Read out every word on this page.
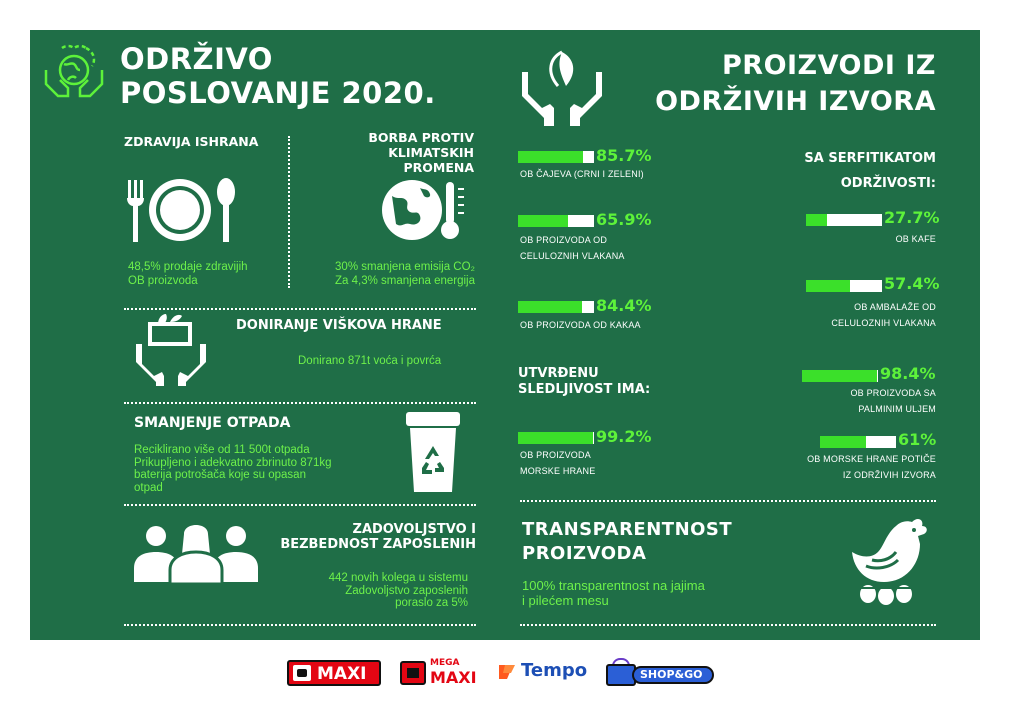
ODRŽIVO
POSLOVANJE 2020.
PROIZVODI IZ
ODRŽIVIH IZVORA
ZDRAVIJA ISHRANA
48,5% prodaje zdravijih
OB proizvoda
BORBA PROTIV
KLIMATSKIH PROMENA
30% smanjena emisija CO₂
Za 4,3% smanjena energija
DONIRANJE VIŠKOVA HRANE
Donirano 871t voća i povrća
SMANJENJE OTPADA
Reciklirano više od 11 500t otpada
Prikupljeno i adekvatno zbrinuto 871kg
baterija potrošača koje su opasan
otpad
ZADOVOLJSTVO I
BEZBEDNOST ZAPOSLENIH
442 novih kolega u sistemu
Zadovoljstvo zaposlenih
poraslo za 5%
SA SERFITIKATOM
ODRŽIVOSTI:
85.7%
OB ČAJEVA (CRNI I ZELENI)
65.9%
OB PROIZVODA OD
CELULOZNIH VLAKANA
84.4%
OB PROIZVODA OD KAKAA
UTVRĐENU
SLEDLJIVOST IMA:
99.2%
OB PROIZVODA
MORSKE HRANE
27.7%
OB KAFE
57.4%
OB AMBALAŽE OD
CELULOZNIH VLAKANA
98.4%
OB PROIZVODA SA
PALMINIM ULJEM
61%
OB MORSKE HRANE POTIČE
IZ ODRŽIVIH IZVORA
TRANSPARENTNOST
PROIZVODA
100% transparentnost na jajima
i pilećem mesu
MAXI
MEGA
MAXI Tempo	SHOP&GO
